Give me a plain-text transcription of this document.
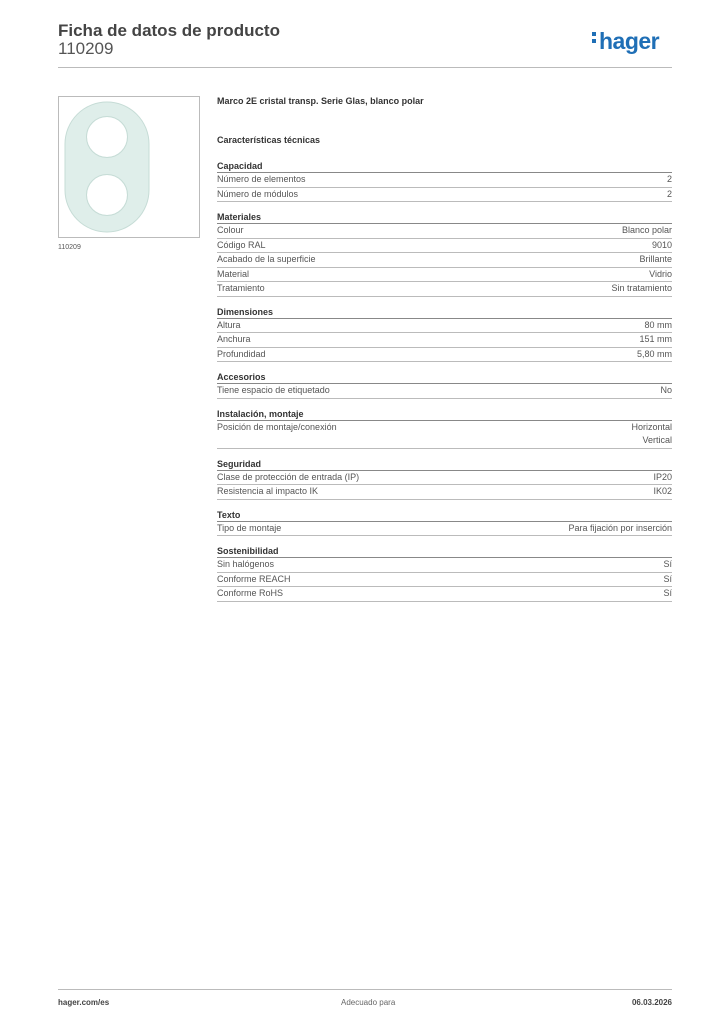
Ficha de datos de producto
110209	hager
110209
Marco 2E cristal transp. Serie Glas, blanco polar
Características técnicas
Capacidad
Número de elementos	2
Número de módulos	2
Materiales
Colour	Blanco polar
Código RAL	9010
Acabado de la superficie	Brillante
Material	Vidrio
Tratamiento	Sin tratamiento
Dimensiones
Altura	80 mm
Anchura	151 mm
Profundidad	5,80 mm
Accesorios
Tiene espacio de etiquetado	No
Instalación, montaje
Posición de montaje/conexión	Horizontal
Vertical
Seguridad
Clase de protección de entrada (IP)	IP20
Resistencia al impacto IK	IK02
Texto
Tipo de montaje	Para fijación por inserción
Sostenibilidad
Sin halógenos	Sí
Conforme REACH	Sí
Conforme RoHS	Sí
hager.com/es	Adecuado para	06.03.2026
